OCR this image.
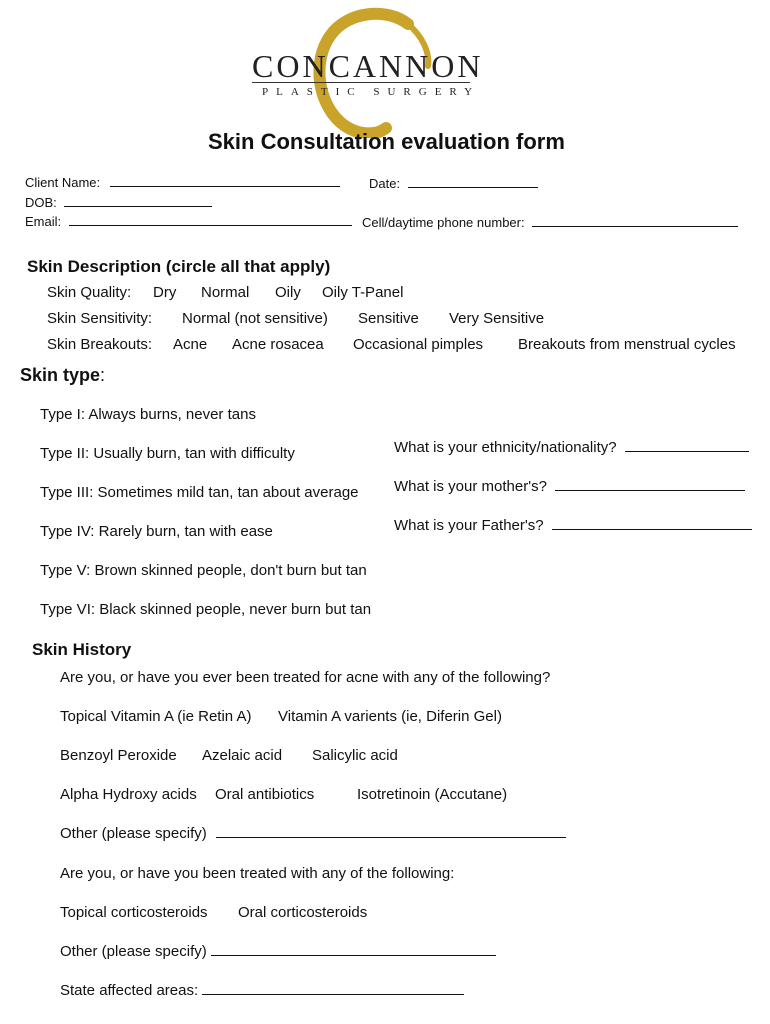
CONCANNON
PLASTIC SURGERY
Skin Consultation evaluation form
Client Name:	Date:
DOB:
Email:	Cell/daytime phone number:
Skin Description (circle all that apply)
Skin Quality: Dry Normal Oily Oily T-Panel
Skin Sensitivity: Normal (not sensitive) Sensitive Very Sensitive
Skin Breakouts: Acne Acne rosacea Occasional pimples Breakouts from menstrual cycles
Skin type:
Type I: Always burns, never tans
Type II: Usually burn, tan with difficulty
Type III: Sometimes mild tan, tan about average
Type IV: Rarely burn, tan with ease
Type V: Brown skinned people, don't burn but tan
Type VI: Black skinned people, never burn but tan
What is your ethnicity/nationality?
What is your mother's?
What is your Father's?
Skin History
Are you, or have you ever been treated for acne with any of the following?
Topical Vitamin A (ie Retin A) Vitamin A varients (ie, Diferin Gel)
Benzoyl Peroxide Azelaic acid Salicylic acid
Alpha Hydroxy acids Oral antibiotics	Isotretinoin (Accutane)
Other (please specify)
Are you, or have you been treated with any of the following:
Topical corticosteroids Oral corticosteroids
Other (please specify)
State affected areas:
